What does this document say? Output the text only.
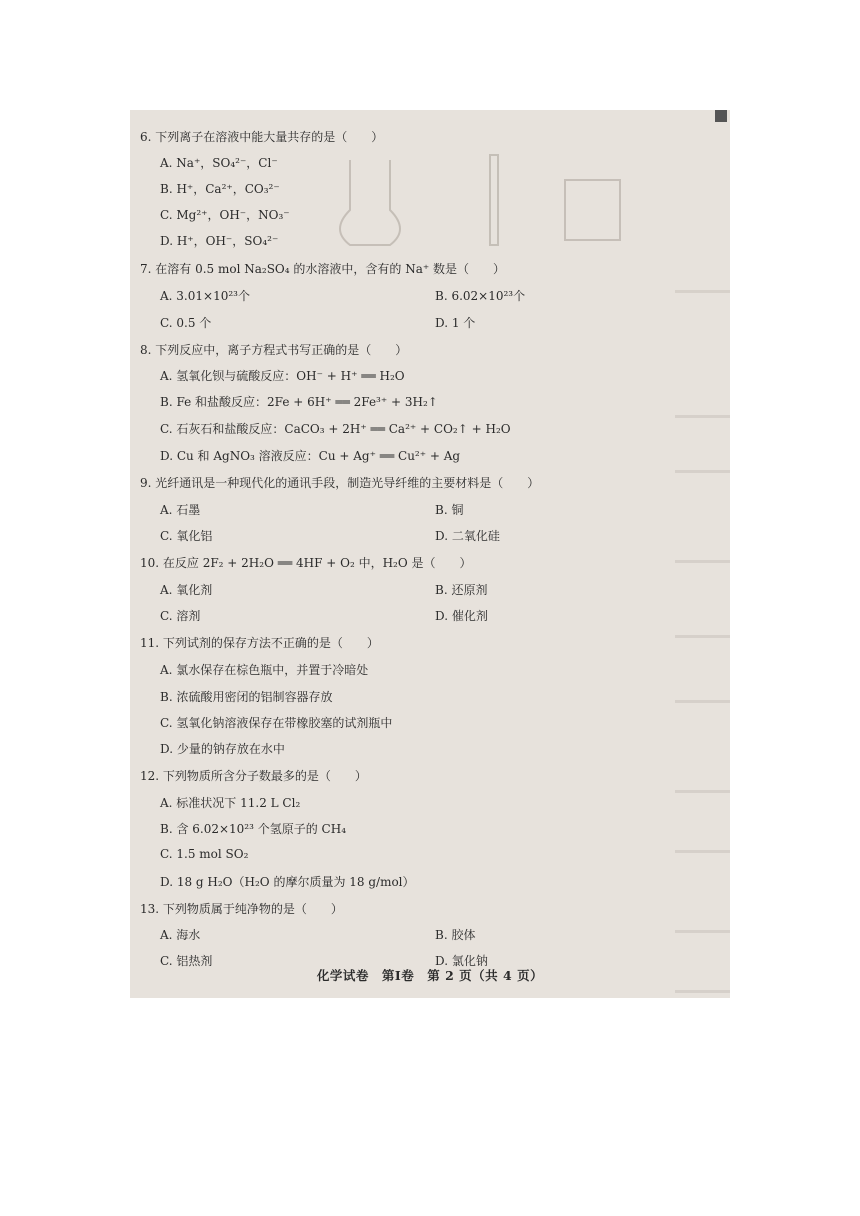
6. 下列离子在溶液中能大量共存的是（　　）
A. Na⁺，SO₄²⁻，Cl⁻
B. H⁺，Ca²⁺，CO₃²⁻
C. Mg²⁺，OH⁻，NO₃⁻
D. H⁺，OH⁻，SO₄²⁻
7. 在溶有 0.5 mol Na₂SO₄ 的水溶液中，含有的 Na⁺ 数是（　　）
A. 3.01×10²³个	B. 6.02×10²³个
C. 0.5 个	D. 1 个
8. 下列反应中，离子方程式书写正确的是（　　）
A. 氢氧化钡与硫酸反应：OH⁻ + H⁺ ══ H₂O
B. Fe 和盐酸反应：2Fe + 6H⁺ ══ 2Fe³⁺ + 3H₂↑
C. 石灰石和盐酸反应：CaCO₃ + 2H⁺ ══ Ca²⁺ + CO₂↑ + H₂O
D. Cu 和 AgNO₃ 溶液反应：Cu + Ag⁺ ══ Cu²⁺ + Ag
9. 光纤通讯是一种现代化的通讯手段，制造光导纤维的主要材料是（　　）
A. 石墨	B. 铜
C. 氧化铝	D. 二氧化硅
10. 在反应 2F₂ + 2H₂O ══ 4HF + O₂ 中，H₂O 是（　　）
A. 氧化剂	B. 还原剂
C. 溶剂	D. 催化剂
11. 下列试剂的保存方法不正确的是（　　）
A. 氯水保存在棕色瓶中，并置于冷暗处
B. 浓硫酸用密闭的铝制容器存放
C. 氢氧化钠溶液保存在带橡胶塞的试剂瓶中
D. 少量的钠存放在水中
12. 下列物质所含分子数最多的是（　　）
A. 标准状况下 11.2 L Cl₂
B. 含 6.02×10²³ 个氢原子的 CH₄
C. 1.5 mol SO₂
D. 18 g H₂O（H₂O 的摩尔质量为 18 g/mol）
13. 下列物质属于纯净物的是（　　）
A. 海水	B. 胶体
C. 铝热剂	D. 氯化钠
化学试卷　第Ⅰ卷　第 2 页（共 4 页）
